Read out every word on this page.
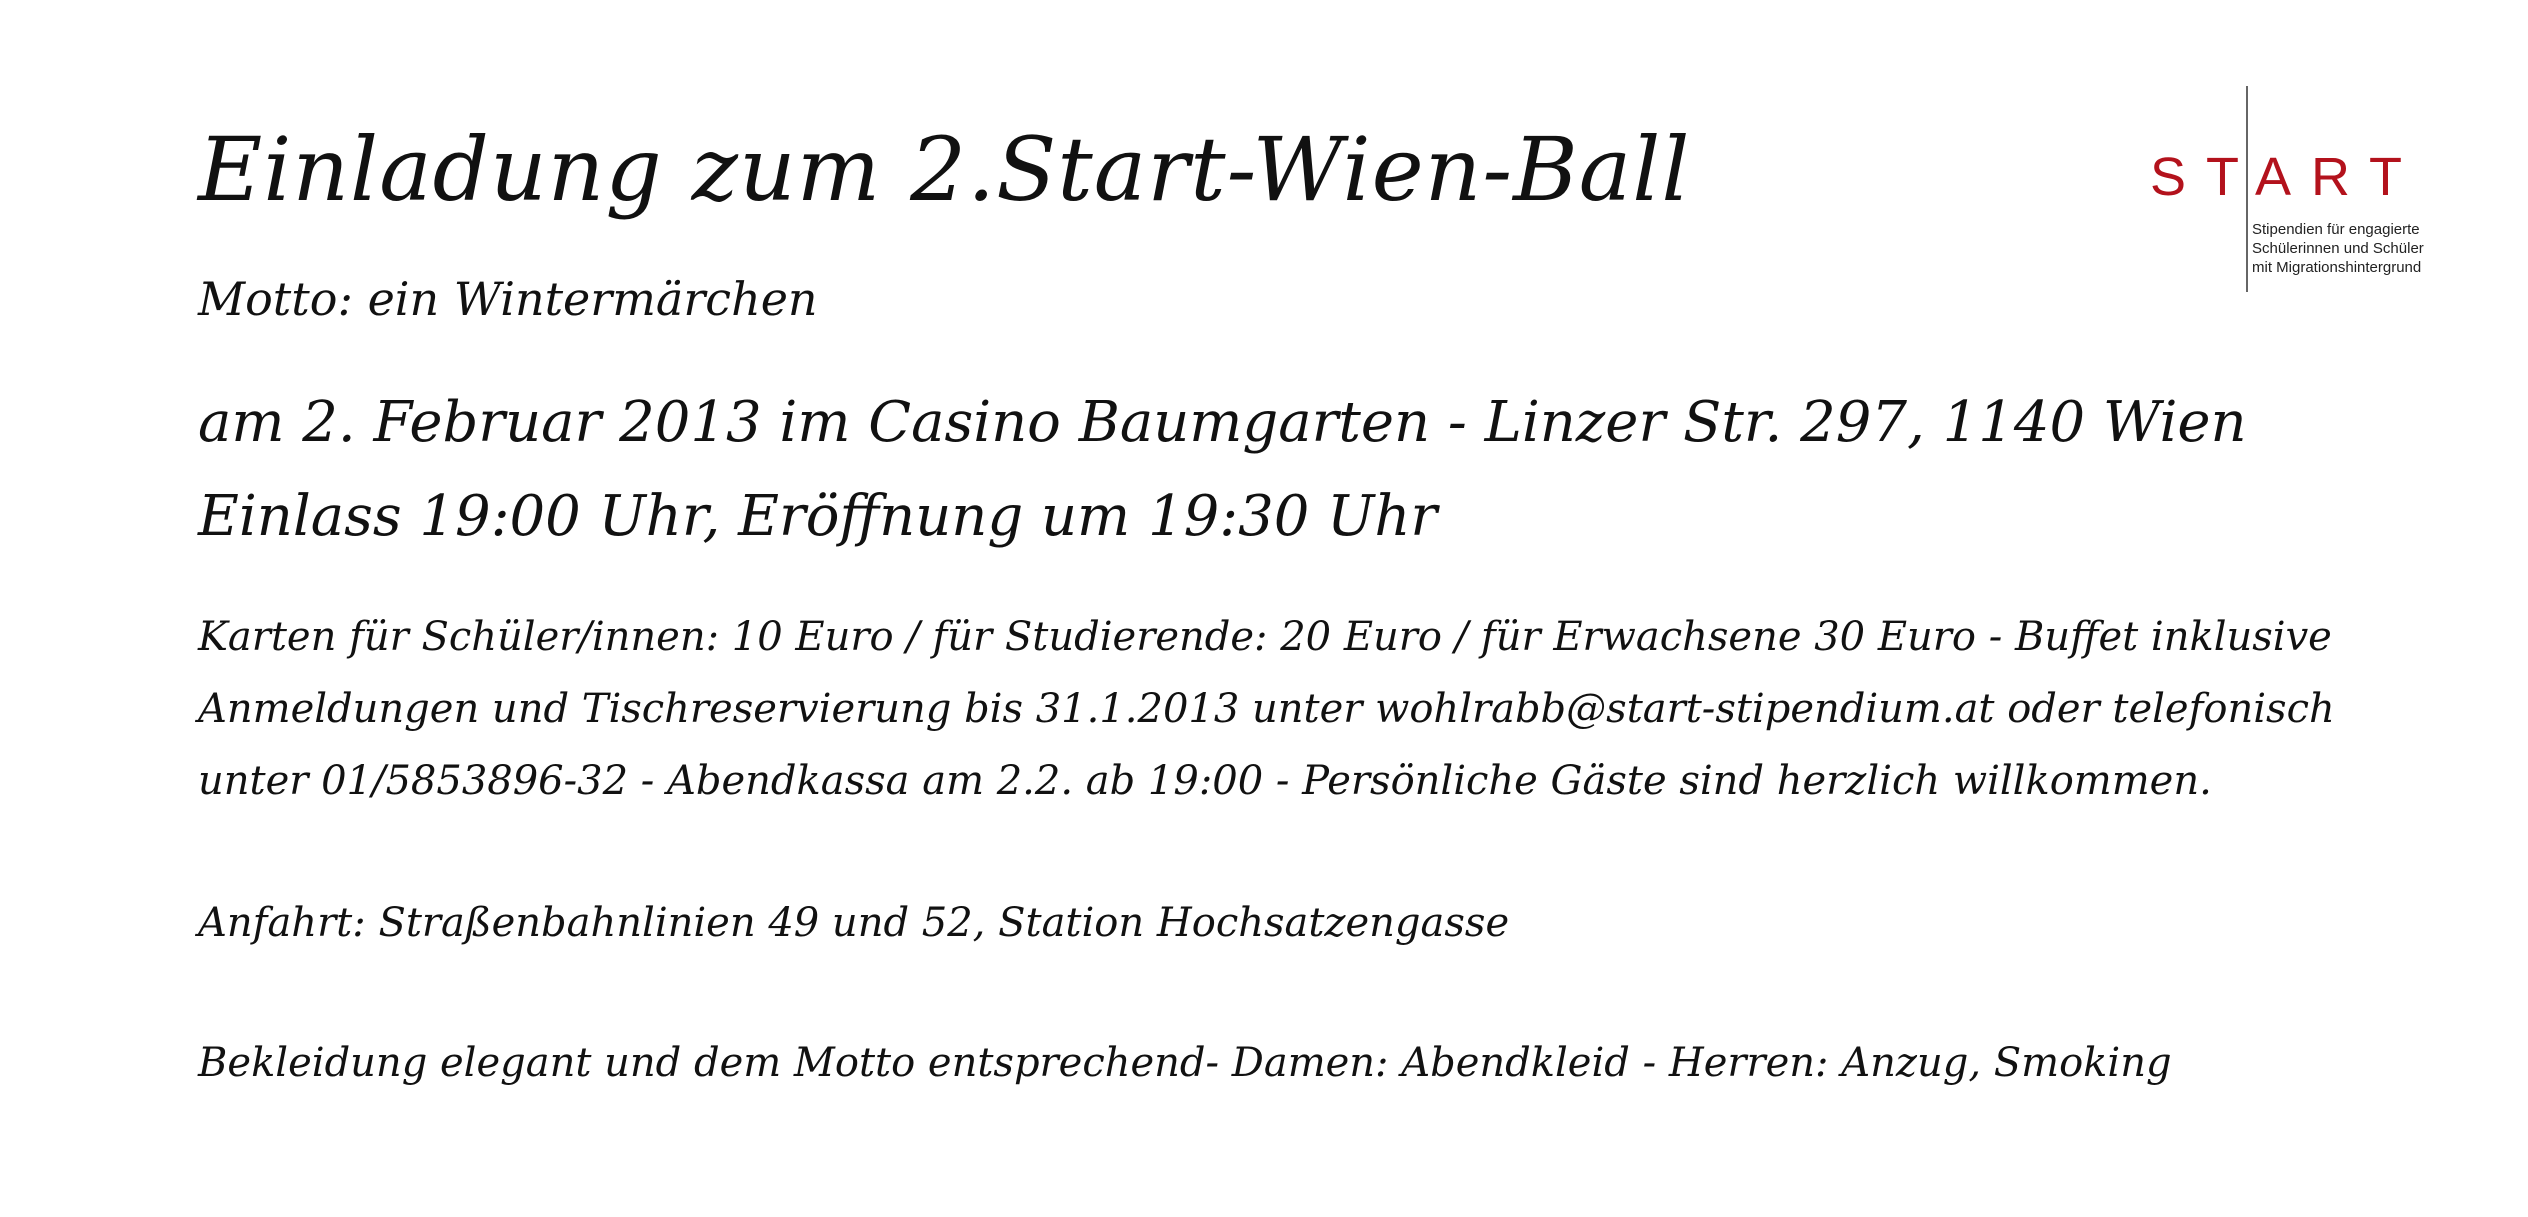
Einladung zum 2.Start-Wien-Ball
Motto: ein Wintermärchen
am 2. Februar 2013 im Casino Baumgarten - Linzer Str. 297, 1140 Wien
Einlass 19:00 Uhr, Eröffnung um 19:30 Uhr
Karten für Schüler/innen: 10 Euro / für Studierende: 20 Euro / für Erwachsene 30 Euro - Buffet inklusive
Anmeldungen und Tischreservierung bis 31.1.2013 unter wohlrabb@start-stipendium.at oder telefonisch
unter 01/5853896-32 - Abendkassa am 2.2. ab 19:00 - Persönliche Gäste sind herzlich willkommen.
Anfahrt: Straßenbahnlinien 49 und 52, Station Hochsatzengasse
Bekleidung elegant und dem Motto entsprechend- Damen: Abendkleid - Herren: Anzug, Smoking
START
Stipendien für engagierte
Schülerinnen und Schüler
mit Migrationshintergrund
